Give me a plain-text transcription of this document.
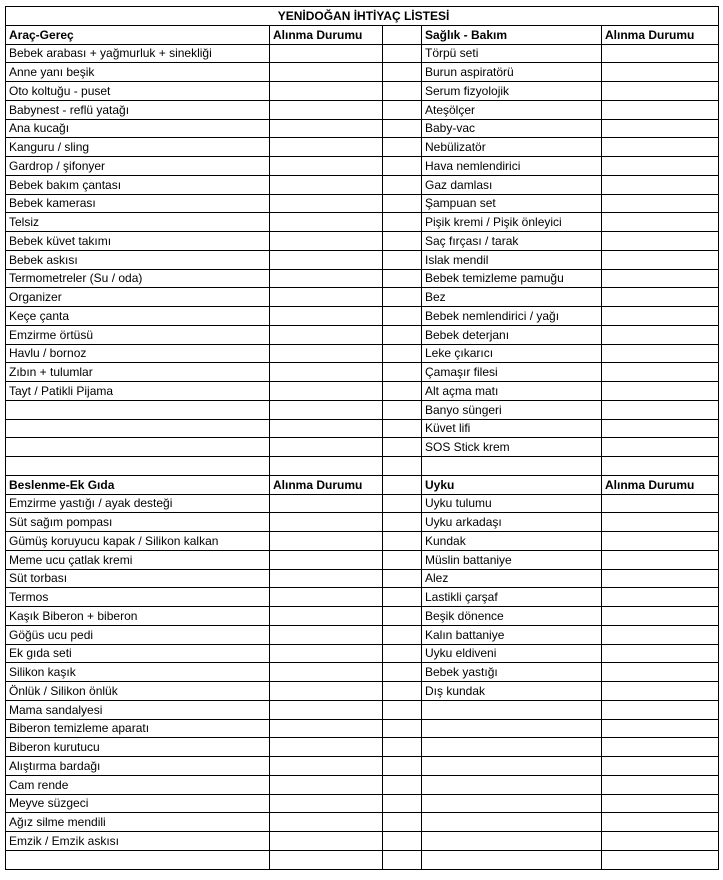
YENİDOĞAN İHTİYAÇ LİSTESİ				
Araç-Gereç	Alınma Durumu		Sağlık - Bakım	Alınma Durumu
Bebek arabası + yağmurluk + sinekliği			Törpü seti	
Anne yanı beşik			Burun aspiratörü	
Oto koltuğu - puset			Serum fizyolojik	
Babynest - reflü yatağı			Ateşölçer	
Ana kucağı			Baby-vac	
Kanguru / sling			Nebülizatör	
Gardrop / şifonyer			Hava nemlendirici	
Bebek bakım çantası			Gaz damlası	
Bebek kamerası			Şampuan set	
Telsiz			Pişik kremi / Pişik önleyici	
Bebek küvet takımı			Saç fırçası / tarak	
Bebek askısı			Islak mendil	
Termometreler (Su / oda)			Bebek temizleme pamuğu	
Organizer			Bez	
Keçe çanta			Bebek nemlendirici / yağı	
Emzirme örtüsü			Bebek deterjanı	
Havlu / bornoz			Leke çıkarıcı	
Zıbın + tulumlar			Çamaşır filesi	
Tayt / Patikli Pijama			Alt açma matı	
			Banyo süngeri	
			Küvet lifi	
			SOS Stick krem	

Beslenme-Ek Gıda	Alınma Durumu		Uyku	Alınma Durumu
Emzirme yastığı / ayak desteği			Uyku tulumu	
Süt sağım pompası			Uyku arkadaşı	
Gümüş koruyucu kapak / Silikon kalkan			Kundak	
Meme ucu çatlak kremi			Müslin battaniye	
Süt torbası			Alez	
Termos			Lastikli çarşaf	
Kaşık Biberon + biberon			Beşik dönence	
Göğüs ucu pedi			Kalın battaniye	
Ek gıda seti			Uyku eldiveni	
Silikon kaşık			Bebek yastığı	
Önlük / Silikon önlük			Dış kundak	
Mama sandalyesi				
Biberon temizleme aparatı				
Biberon kurutucu				
Alıştırma bardağı				
Cam rende				
Meyve süzgeci				
Ağız silme mendili				
Emzik / Emzik askısı				
